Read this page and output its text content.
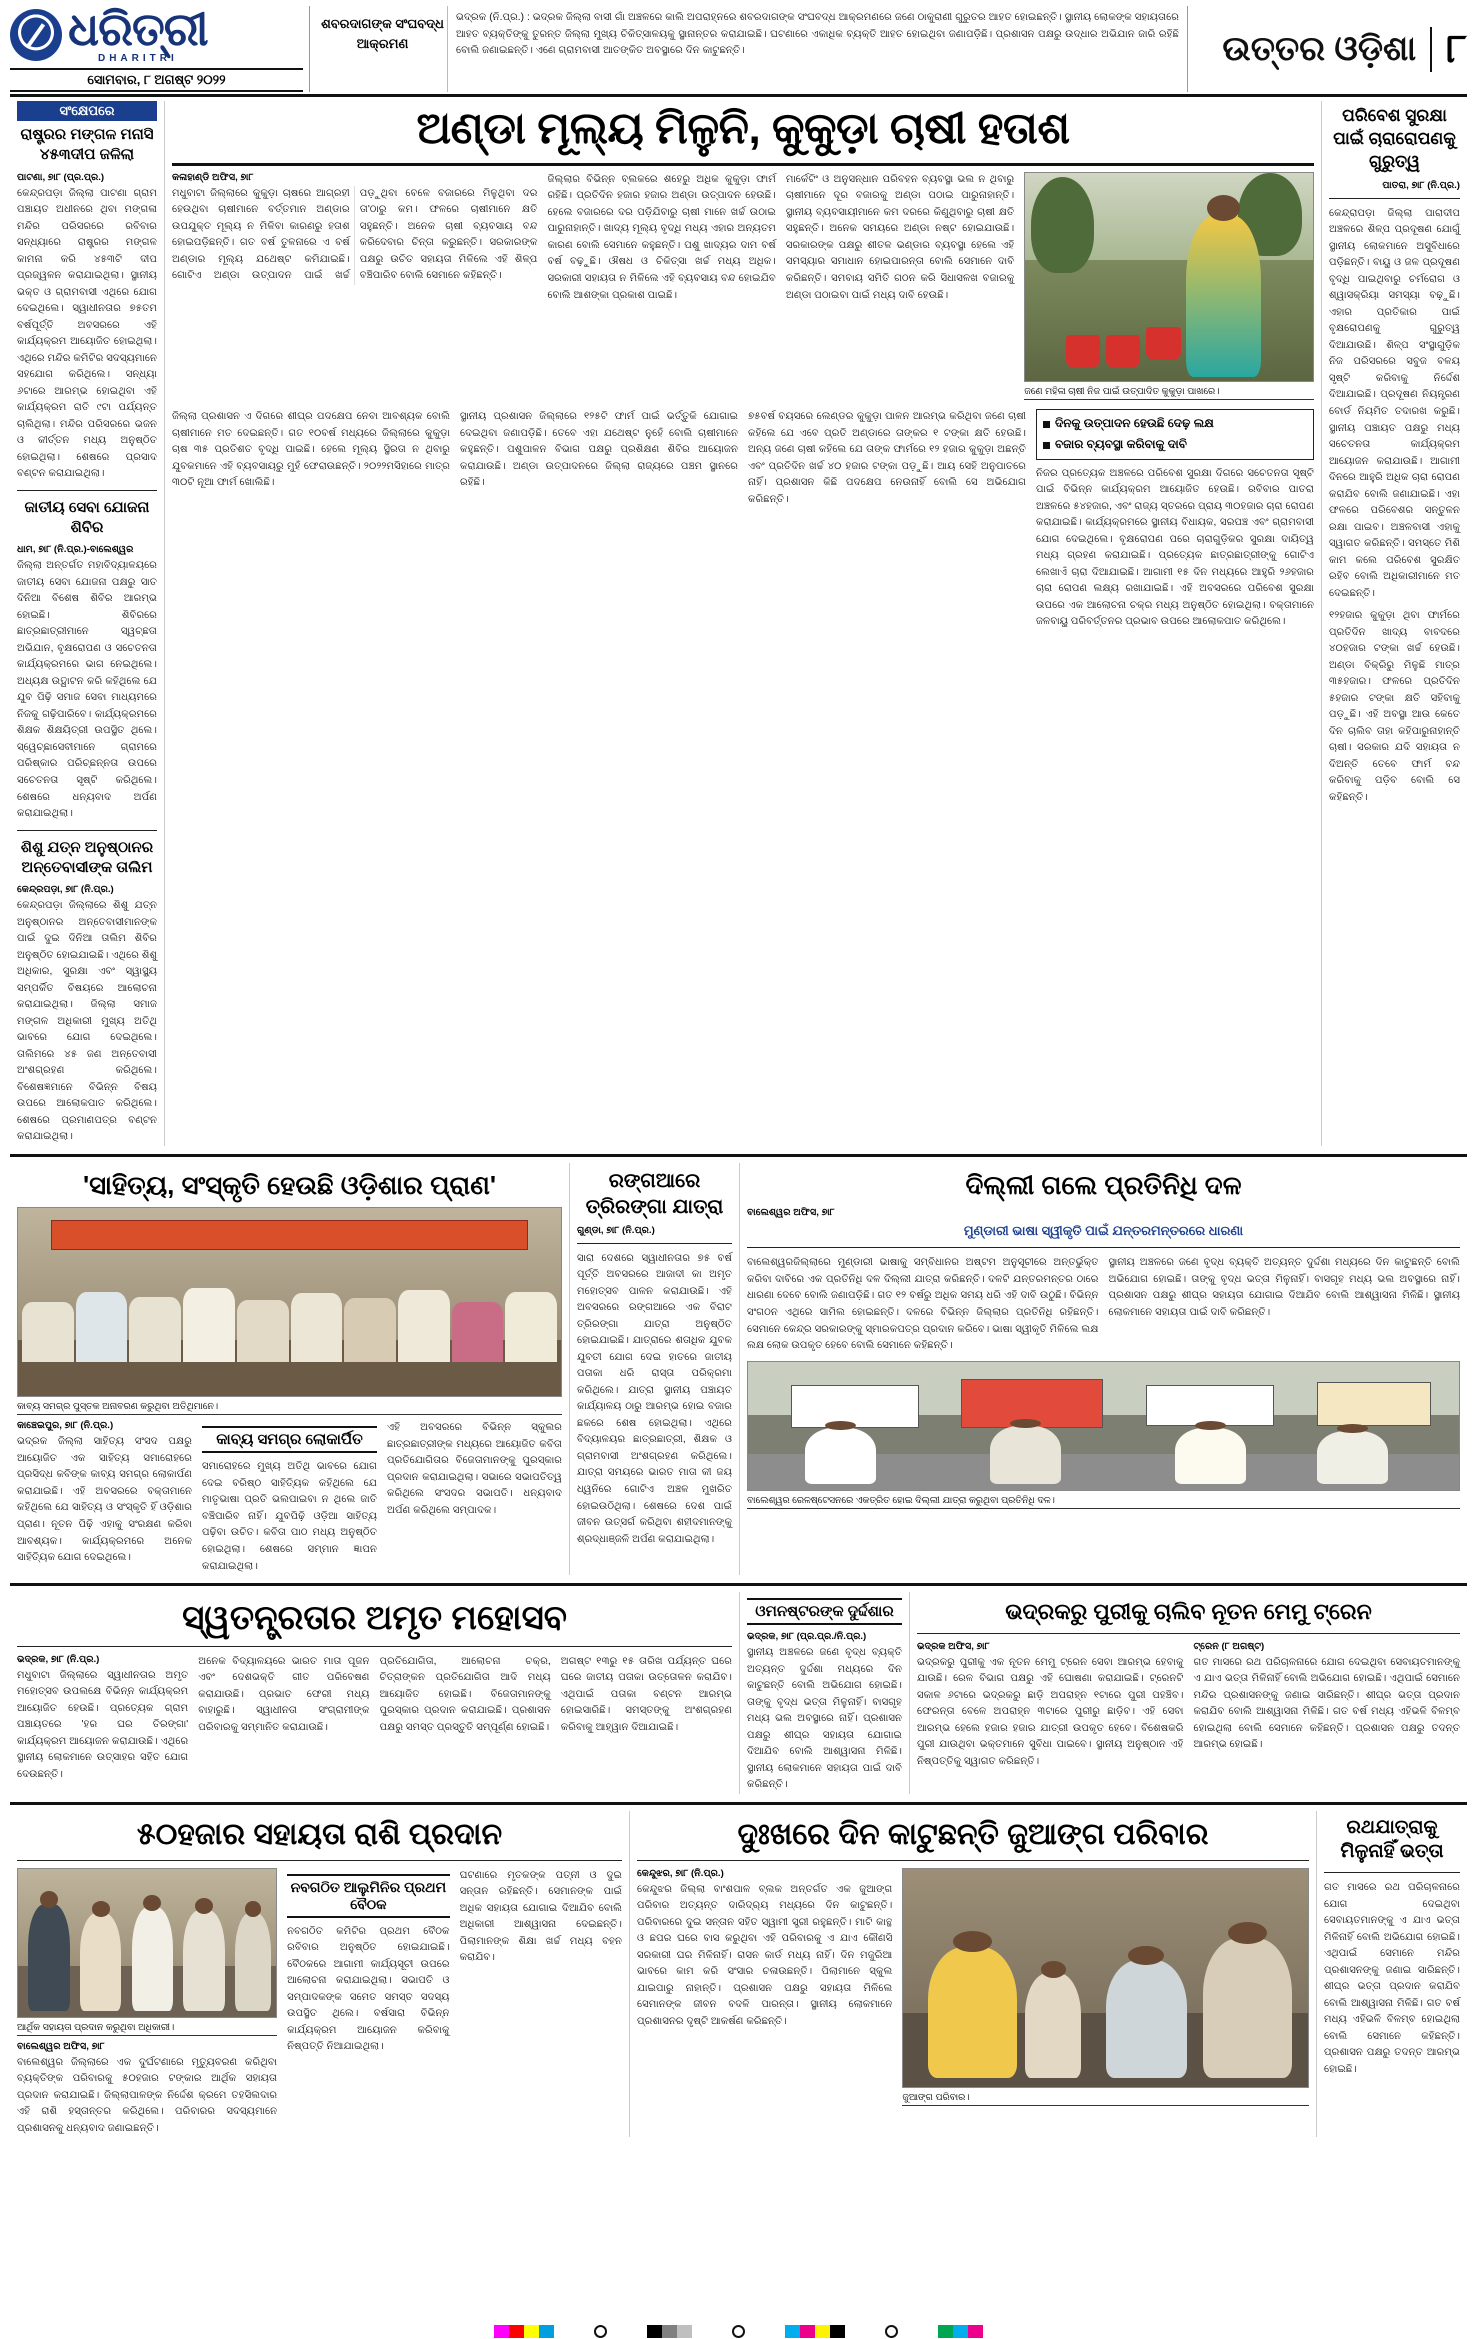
ଧରିତ୍ରୀ
DHARITRI
ସୋମବାର, ୮ ଅଗଷ୍ଟ ୨୦୨୨
ଶବରଦାଗଙ୍କ ସଂଘବଦ୍ଧ ଆକ୍ରମଣ
ଭଦ୍ରକ (ନି.ପ୍ର.) : ଭଦ୍ରକ ଜିଲ୍ଲା ବାସୀ ଗାଁ ଅଞ୍ଚଳରେ କାଲି ଅପରାହ୍ନରେ ଶବରଦାଗଙ୍କ ସଂଘବଦ୍ଧ ଆକ୍ରମଣରେ ଜଣେ ଠାକୁରାଣୀ ଗୁରୁତର ଆହତ ହୋଇଛନ୍ତି। ସ୍ଥାନୀୟ ଲୋକଙ୍କ ସହାୟତାରେ ଆହତ ବ୍ୟକ୍ତିଙ୍କୁ ତୁରନ୍ତ ଜିଲ୍ଲା ମୁଖ୍ୟ ଚିକିତ୍ସାଳୟକୁ ସ୍ଥାନାନ୍ତର କରାଯାଇଛି। ଘଟଣାରେ ଏକାଧିକ ବ୍ୟକ୍ତି ଆହତ ହୋଇଥିବା ଜଣାପଡ଼ିଛି। ପ୍ରଶାସନ ପକ୍ଷରୁ ଉଦ୍ଧାର ଅଭିଯାନ ଜାରି ରହିଛି ବୋଲି ଜଣାଇଛନ୍ତି। ଏଣେ ଗ୍ରାମବାସୀ ଆତଙ୍କିତ ଅବସ୍ଥାରେ ଦିନ କାଟୁଛନ୍ତି।	ଉତ୍ତର ଓଡ଼ିଶା ୮
ସଂକ୍ଷେପରେ
ରାଷ୍ଟ୍ରର ମଙ୍ଗଳ ମନାସି ୪୫୩ଦୀପ ଜଳିଲା
ପାଟଣା, ୭ା୮ (ପ୍ର.ପ୍ର.)
କେନ୍ଦ୍ରପଡ଼ା ଜିଲ୍ଲା ପାଟଣା ଗ୍ରାମ ପଞ୍ଚାୟତ ଅଧୀନରେ ଥିବା ମଙ୍ଗଳା ମନ୍ଦିର ପରିସରରେ ରବିବାର ସନ୍ଧ୍ୟାରେ ରାଷ୍ଟ୍ରର ମଙ୍ଗଳ କାମନା କରି ୪୫୩ଟି ଦୀପ ପ୍ରଜ୍ୱଳନ କରାଯାଇଥିଲା। ସ୍ଥାନୀୟ ଭକ୍ତ ଓ ଗ୍ରାମବାସୀ ଏଥିରେ ଯୋଗ ଦେଇଥିଲେ। ସ୍ୱାଧୀନତାର ୭୫ତମ ବର୍ଷପୂର୍ତ୍ତି ଅବସରରେ ଏହି କାର୍ଯ୍ୟକ୍ରମ ଆୟୋଜିତ ହୋଇଥିଲା। ଏଥିରେ ମନ୍ଦିର କମିଟିର ସଦସ୍ୟମାନେ ସହଯୋଗ କରିଥିଲେ। ସନ୍ଧ୍ୟା ୬ଟାରେ ଆରମ୍ଭ ହୋଇଥିବା ଏହି କାର୍ଯ୍ୟକ୍ରମ ରାତି ୯ଟା ପର୍ଯ୍ୟନ୍ତ ଚାଲିଥିଲା। ମନ୍ଦିର ପରିସରରେ ଭଜନ ଓ କୀର୍ତ୍ତନ ମଧ୍ୟ ଅନୁଷ୍ଠିତ ହୋଇଥିଲା। ଶେଷରେ ପ୍ରସାଦ ବଣ୍ଟନ କରାଯାଇଥିଲା।
ଜାତୀୟ ସେବା ଯୋଜନା ଶିବିର
ଧାମ, ୭ା୮ (ନି.ପ୍ର.)-ବାଲେଶ୍ୱର
ଜିଲ୍ଲା ଅନ୍ତର୍ଗତ ମହାବିଦ୍ୟାଳୟରେ ଜାତୀୟ ସେବା ଯୋଜନା ପକ୍ଷରୁ ସାତ ଦିନିଆ ବିଶେଷ ଶିବିର ଆରମ୍ଭ ହୋଇଛି। ଶିବିରରେ ଛାତ୍ରଛାତ୍ରୀମାନେ ସ୍ୱଚ୍ଛତା ଅଭିଯାନ, ବୃକ୍ଷରୋପଣ ଓ ସଚେତନତା କାର୍ଯ୍ୟକ୍ରମରେ ଭାଗ ନେଇଥିଲେ। ଅଧ୍ୟକ୍ଷ ଉଦ୍ଘାଟନ କରି କହିଥିଲେ ଯେ ଯୁବ ପିଢ଼ି ସମାଜ ସେବା ମାଧ୍ୟମରେ ନିଜକୁ ଗଢ଼ିପାରିବେ। କାର୍ଯ୍ୟକ୍ରମରେ ଶିକ୍ଷକ ଶିକ୍ଷୟିତ୍ରୀ ଉପସ୍ଥିତ ଥିଲେ। ସ୍ୱେଚ୍ଛାସେବୀମାନେ ଗ୍ରାମରେ ପରିଷ୍କାର ପରିଚ୍ଛନ୍ନତା ଉପରେ ସଚେତନତା ସୃଷ୍ଟି କରିଥିଲେ। ଶେଷରେ ଧନ୍ୟବାଦ ଅର୍ପଣ କରାଯାଇଥିଲା।
ଶିଶୁ ଯତ୍ନ ଅନୁଷ୍ଠାନର ଅନ୍ତେବାସୀଙ୍କ ତାଲିମ
କେନ୍ଦ୍ରପଡ଼ା, ୭ା୮ (ନି.ପ୍ର.)
କେନ୍ଦ୍ରପଡ଼ା ଜିଲ୍ଲାରେ ଶିଶୁ ଯତ୍ନ ଅନୁଷ୍ଠାନର ଅନ୍ତେବାସୀମାନଙ୍କ ପାଇଁ ଦୁଇ ଦିନିଆ ତାଲିମ ଶିବିର ଅନୁଷ୍ଠିତ ହୋଇଯାଇଛି। ଏଥିରେ ଶିଶୁ ଅଧିକାର, ସୁରକ୍ଷା ଏବଂ ସ୍ୱାସ୍ଥ୍ୟ ସମ୍ପର୍କିତ ବିଷୟରେ ଆଲୋଚନା କରାଯାଇଥିଲା। ଜିଲ୍ଲା ସମାଜ ମଙ୍ଗଳ ଅଧିକାରୀ ମୁଖ୍ୟ ଅତିଥି ଭାବରେ ଯୋଗ ଦେଇଥିଲେ। ତାଲିମରେ ୪୫ ଜଣ ଅନ୍ତେବାସୀ ଅଂଶଗ୍ରହଣ କରିଥିଲେ। ବିଶେଷଜ୍ଞମାନେ ବିଭିନ୍ନ ବିଷୟ ଉପରେ ଆଲୋକପାତ କରିଥିଲେ। ଶେଷରେ ପ୍ରମାଣପତ୍ର ବଣ୍ଟନ କରାଯାଇଥିଲା।
ଅଣ୍ଡା ମୂଲ୍ୟ ମିଳୁନି, କୁକୁଡ଼ା ଚାଷୀ ହତାଶ
କଳାହାଣ୍ଡି ଅଫିସ, ୭ା୮
ମଧୁବାଟା ଜିଲ୍ଲାରେ କୁକୁଡ଼ା ଚାଷରେ ଆଗ୍ରହୀ ହେଉଥିବା ଚାଷୀମାନେ ବର୍ତ୍ତମାନ ଅଣ୍ଡାର ଉପଯୁକ୍ତ ମୂଲ୍ୟ ନ ମିଳିବା କାରଣରୁ ହତାଶ ହୋଇପଡ଼ିଛନ୍ତି। ଗତ ବର୍ଷ ତୁଳନାରେ ଏ ବର୍ଷ ଅଣ୍ଡାର ମୂଲ୍ୟ ଯଥେଷ୍ଟ କମିଯାଇଛି। ଗୋଟିଏ ଅଣ୍ଡା ଉତ୍ପାଦନ ପାଇଁ ଖର୍ଚ୍ଚ ପଡ଼ୁଥିବା ବେଳେ ବଜାରରେ ମିଳୁଥିବା ଦର ତା'ଠାରୁ କମ। ଫଳରେ ଚାଷୀମାନେ କ୍ଷତି ସହୁଛନ୍ତି। ଅନେକ ଚାଷୀ ବ୍ୟବସାୟ ବନ୍ଦ କରିଦେବାର ଚିନ୍ତା କରୁଛନ୍ତି। ସରକାରଙ୍କ ପକ୍ଷରୁ ଉଚିତ ସହାୟତା ମିଳିଲେ ଏହି ଶିଳ୍ପ ବଞ୍ଚିପାରିବ ବୋଲି ସେମାନେ କହିଛନ୍ତି।
ଜିଲ୍ଲାର ବିଭିନ୍ନ ବ୍ଲକରେ ଶହେରୁ ଅଧିକ କୁକୁଡ଼ା ଫାର୍ମ ରହିଛି। ପ୍ରତିଦିନ ହଜାର ହଜାର ଅଣ୍ଡା ଉତ୍ପାଦନ ହେଉଛି। ହେଲେ ବଜାରରେ ଦର ପଡ଼ିଯିବାରୁ ଚାଷୀ ମାନେ ଖର୍ଚ୍ଚ ଉଠାଇ ପାରୁନାହାନ୍ତି। ଖାଦ୍ୟ ମୂଲ୍ୟ ବୃଦ୍ଧି ମଧ୍ୟ ଏହାର ଅନ୍ୟତମ କାରଣ ବୋଲି ସେମାନେ କହୁଛନ୍ତି। ପଶୁ ଖାଦ୍ୟର ଦାମ ବର୍ଷ ବର୍ଷ ବଢ଼ୁଛି। ଔଷଧ ଓ ଚିକିତ୍ସା ଖର୍ଚ୍ଚ ମଧ୍ୟ ଅଧିକ। ସରକାରୀ ସହାୟତା ନ ମିଳିଲେ ଏହି ବ୍ୟବସାୟ ବନ୍ଦ ହୋଇଯିବ ବୋଲି ଆଶଙ୍କା ପ୍ରକାଶ ପାଇଛି।
ମାର୍କେଟିଂ ଓ ଅନୁସନ୍ଧାନ ପରିବହନ ବ୍ୟବସ୍ଥା ଭଲ ନ ଥିବାରୁ ଚାଷୀମାନେ ଦୂର ବଜାରକୁ ଅଣ୍ଡା ପଠାଇ ପାରୁନାହାନ୍ତି। ସ୍ଥାନୀୟ ବ୍ୟବସାୟୀମାନେ କମ ଦରରେ କିଣୁଥିବାରୁ ଚାଷୀ କ୍ଷତି ସହୁଛନ୍ତି। ଅନେକ ସମୟରେ ଅଣ୍ଡା ନଷ୍ଟ ହୋଇଯାଉଛି। ସରକାରଙ୍କ ପକ୍ଷରୁ ଶୀତଳ ଭଣ୍ଡାର ବ୍ୟବସ୍ଥା ହେଲେ ଏହି ସମସ୍ୟାର ସମାଧାନ ହୋଇପାରନ୍ତା ବୋଲି ସେମାନେ ଦାବି କରିଛନ୍ତି। ସମବାୟ ସମିତି ଗଠନ କରି ସିଧାସଳଖ ବଜାରକୁ ଅଣ୍ଡା ପଠାଇବା ପାଇଁ ମଧ୍ୟ ଦାବି ହେଉଛି।
ଜଣେ ମହିଳା ଚାଷୀ ନିଜ ପାଇଁ ଉତ୍ପାଦିତ କୁକୁଡ଼ା ପାଖରେ।
ଜିଲ୍ଲା ପ୍ରଶାସନ ଏ ଦିଗରେ ଶୀଘ୍ର ପଦକ୍ଷେପ ନେବା ଆବଶ୍ୟକ ବୋଲି ଚାଷୀମାନେ ମତ ଦେଇଛନ୍ତି। ଗତ ୧୦ବର୍ଷ ମଧ୍ୟରେ ଜିଲ୍ଲାରେ କୁକୁଡ଼ା ଚାଷ ୩୫ ପ୍ରତିଶତ ବୃଦ୍ଧି ପାଇଛି। ହେଲେ ମୂଲ୍ୟ ସ୍ଥିରତା ନ ଥିବାରୁ ଯୁବକମାନେ ଏହି ବ୍ୟବସାୟରୁ ମୁହଁ ଫେରାଉଛନ୍ତି। ୨୦୨୨ମସିହାରେ ମାତ୍ର ୩୦ଟି ନୂଆ ଫାର୍ମ ଖୋଲିଛି।
ସ୍ଥାନୀୟ ପ୍ରଶାସନ ଜିଲ୍ଲାରେ ୧୨୫ଟି ଫାର୍ମ ପାଇଁ ଭର୍ତ୍ତୁକି ଯୋଗାଇ ଦେଇଥିବା ଜଣାପଡ଼ିଛି। ତେବେ ଏହା ଯଥେଷ୍ଟ ନୁହେଁ ବୋଲି ଚାଷୀମାନେ କହୁଛନ୍ତି। ପଶୁପାଳନ ବିଭାଗ ପକ୍ଷରୁ ପ୍ରଶିକ୍ଷଣ ଶିବିର ଆୟୋଜନ କରାଯାଉଛି। ଅଣ୍ଡା ଉତ୍ପାଦନରେ ଜିଲ୍ଲା ରାଜ୍ୟରେ ପଞ୍ଚମ ସ୍ଥାନରେ ରହିଛି।
୭୫ବର୍ଷ ବୟସରେ ଲେଣ୍ଡର କୁକୁଡ଼ା ପାଳନ ଆରମ୍ଭ କରିଥିବା ଜଣେ ଚାଷୀ କହିଲେ ଯେ ଏବେ ପ୍ରତି ଅଣ୍ଡାରେ ତାଙ୍କର ୧ ଟଙ୍କା କ୍ଷତି ହେଉଛି। ଅନ୍ୟ ଜଣେ ଚାଷୀ କହିଲେ ଯେ ତାଙ୍କ ଫାର୍ମରେ ୧୨ ହଜାର କୁକୁଡ଼ା ଅଛନ୍ତି ଏବଂ ପ୍ରତିଦିନ ଖର୍ଚ୍ଚ ୪୦ ହଜାର ଟଙ୍କା ପଡ଼ୁଛି। ଆୟ ସେହି ଅନୁପାତରେ ନାହିଁ। ପ୍ରଶାସନ କିଛି ପଦକ୍ଷେପ ନେଉନାହିଁ ବୋଲି ସେ ଅଭିଯୋଗ କରିଛନ୍ତି।
ଦିନକୁ ଉତ୍ପାଦନ ହେଉଛି ଦେଢ଼ ଲକ୍ଷ
ବଜାର ବ୍ୟବସ୍ଥା କରିବାକୁ ଦାବି
ନିଜର ପ୍ରତ୍ୟେକ ଅଞ୍ଚଳରେ ପରିବେଶ ସୁରକ୍ଷା ଦିଗରେ ସଚେତନତା ସୃଷ୍ଟି ପାଇଁ ବିଭିନ୍ନ କାର୍ଯ୍ୟକ୍ରମ ଆୟୋଜିତ ହେଉଛି। ରବିବାର ପାତରା ଅଞ୍ଚଳରେ ୫୪ହଜାର, ଏବଂ ରାଜ୍ୟ ସ୍ତରରେ ପ୍ରାୟ ୩୦ହଜାର ଚାରା ରୋପଣ କରାଯାଇଛି। କାର୍ଯ୍ୟକ୍ରମରେ ସ୍ଥାନୀୟ ବିଧାୟକ, ସରପଞ୍ଚ ଏବଂ ଗ୍ରାମବାସୀ ଯୋଗ ଦେଇଥିଲେ। ବୃକ୍ଷରୋପଣ ପରେ ଚାରାଗୁଡ଼ିକର ସୁରକ୍ଷା ଦାୟିତ୍ୱ ମଧ୍ୟ ଗ୍ରହଣ କରାଯାଇଛି। ପ୍ରତ୍ୟେକ ଛାତ୍ରଛାତ୍ରୀଙ୍କୁ ଗୋଟିଏ ଲେଖାଏଁ ଚାରା ଦିଆଯାଇଛି। ଆଗାମୀ ୧୫ ଦିନ ମଧ୍ୟରେ ଆହୁରି ୨୬ହଜାର ଚାରା ରୋପଣ ଲକ୍ଷ୍ୟ ରଖାଯାଇଛି। ଏହି ଅବସରରେ ପରିବେଶ ସୁରକ୍ଷା ଉପରେ ଏକ ଆଲୋଚନା ଚକ୍ର ମଧ୍ୟ ଅନୁଷ୍ଠିତ ହୋଇଥିଲା। ବକ୍ତାମାନେ ଜଳବାୟୁ ପରିବର୍ତ୍ତନର ପ୍ରଭାବ ଉପରେ ଆଲୋକପାତ କରିଥିଲେ।
ପରିବେଶ ସୁରକ୍ଷା ପାଇଁ ଚାରାରୋପଣକୁ ଗୁରୁତ୍ୱ
ପାତରା, ୭ା୮ (ନି.ପ୍ର.)
କେନ୍ଦ୍ରାପଡ଼ା ଜିଲ୍ଲା ପାରାଦୀପ ଅଞ୍ଚଳରେ ଶିଳ୍ପ ପ୍ରଦୂଷଣ ଯୋଗୁଁ ସ୍ଥାନୀୟ ଲୋକମାନେ ଅସୁବିଧାରେ ପଡ଼ିଛନ୍ତି। ବାୟୁ ଓ ଜଳ ପ୍ରଦୂଷଣ ବୃଦ୍ଧି ପାଇଥିବାରୁ ଚର୍ମରୋଗ ଓ ଶ୍ୱାସକ୍ରିୟା ସମସ୍ୟା ବଢ଼ୁଛି। ଏହାର ପ୍ରତିକାର ପାଇଁ ବୃକ୍ଷରୋପଣକୁ ଗୁରୁତ୍ୱ ଦିଆଯାଉଛି। ଶିଳ୍ପ ସଂସ୍ଥାଗୁଡ଼ିକ ନିଜ ପରିସରରେ ସବୁଜ ବଳୟ ସୃଷ୍ଟି କରିବାକୁ ନିର୍ଦ୍ଦେଶ ଦିଆଯାଇଛି। ପ୍ରଦୂଷଣ ନିୟନ୍ତ୍ରଣ ବୋର୍ଡ ନିୟମିତ ତଦାରଖ କରୁଛି। ସ୍ଥାନୀୟ ପଞ୍ଚାୟତ ପକ୍ଷରୁ ମଧ୍ୟ ସଚେତନତା କାର୍ଯ୍ୟକ୍ରମ ଆୟୋଜନ କରାଯାଉଛି। ଆଗାମୀ ଦିନରେ ଆହୁରି ଅଧିକ ଚାରା ରୋପଣ କରାଯିବ ବୋଲି ଜଣାଯାଇଛି। ଏହା ଫଳରେ ପରିବେଶର ସନ୍ତୁଳନ ରକ୍ଷା ପାଇବ। ଅଞ୍ଚଳବାସୀ ଏହାକୁ ସ୍ୱାଗତ କରିଛନ୍ତି। ସମସ୍ତେ ମିଶି କାମ କଲେ ପରିବେଶ ସୁରକ୍ଷିତ ରହିବ ବୋଲି ଅଧିକାରୀମାନେ ମତ ଦେଇଛନ୍ତି।
୧୨ହଜାର କୁକୁଡ଼ା ଥିବା ଫାର୍ମରେ ପ୍ରତିଦିନ ଖାଦ୍ୟ ବାବଦରେ ୪୦ହଜାର ଟଙ୍କା ଖର୍ଚ୍ଚ ହେଉଛି। ଅଣ୍ଡା ବିକ୍ରିରୁ ମିଳୁଛି ମାତ୍ର ୩୫ହଜାର। ଫଳରେ ପ୍ରତିଦିନ ୫ହଜାର ଟଙ୍କା କ୍ଷତି ସହିବାକୁ ପଡ଼ୁଛି। ଏହି ଅବସ୍ଥା ଆଉ କେତେ ଦିନ ଚାଲିବ ତାହା କହିପାରୁନାହାନ୍ତି ଚାଷୀ। ସରକାର ଯଦି ସହାୟତା ନ ଦିଅନ୍ତି ତେବେ ଫାର୍ମ ବନ୍ଦ କରିବାକୁ ପଡ଼ିବ ବୋଲି ସେ କହିଛନ୍ତି।
'ସାହିତ୍ୟ, ସଂସ୍କୃତି ହେଉଛି ଓଡ଼ିଶାର ପ୍ରାଣ'
କାବ୍ୟ ସମଗ୍ର ପୁସ୍ତକ ଅନାବରଣ କରୁଥିବା ଅତିଥିମାନେ।
କାଞ୍ଚେଇପୁର, ୭ା୮ (ନି.ପ୍ର.)
ଭଦ୍ରକ ଜିଲ୍ଲା ସାହିତ୍ୟ ସଂସଦ ପକ୍ଷରୁ ଆୟୋଜିତ ଏକ ସାହିତ୍ୟ ସମାରୋହରେ ପ୍ରସିଦ୍ଧ କବିଙ୍କ କାବ୍ୟ ସମଗ୍ର ଲୋକାର୍ପଣ କରାଯାଇଛି। ଏହି ଅବସରରେ ବକ୍ତାମାନେ କହିଥିଲେ ଯେ ସାହିତ୍ୟ ଓ ସଂସ୍କୃତି ହିଁ ଓଡ଼ିଶାର ପ୍ରାଣ। ନୂତନ ପିଢ଼ି ଏହାକୁ ସଂରକ୍ଷଣ କରିବା ଆବଶ୍ୟକ। କାର୍ଯ୍ୟକ୍ରମରେ ଅନେକ ସାହିତ୍ୟିକ ଯୋଗ ଦେଇଥିଲେ।
କାବ୍ୟ ସମଗ୍ର ଲୋକାର୍ପିତ
ସମାରୋହରେ ମୁଖ୍ୟ ଅତିଥି ଭାବରେ ଯୋଗ ଦେଇ ବରିଷ୍ଠ ସାହିତ୍ୟିକ କହିଥିଲେ ଯେ ମାତୃଭାଷା ପ୍ରତି ଭଲପାଇବା ନ ଥିଲେ ଜାତି ବଞ୍ଚିପାରିବ ନାହିଁ। ଯୁବପିଢ଼ି ଓଡ଼ିଆ ସାହିତ୍ୟ ପଢ଼ିବା ଉଚିତ। କବିତା ପାଠ ମଧ୍ୟ ଅନୁଷ୍ଠିତ ହୋଇଥିଲା। ଶେଷରେ ସମ୍ମାନ ଜ୍ଞାପନ କରାଯାଇଥିଲା।
ଏହି ଅବସରରେ ବିଭିନ୍ନ ସ୍କୁଲର ଛାତ୍ରଛାତ୍ରୀଙ୍କ ମଧ୍ୟରେ ଆୟୋଜିତ କବିତା ପ୍ରତିଯୋଗିତାର ବିଜେତାମାନଙ୍କୁ ପୁରସ୍କାର ପ୍ରଦାନ କରାଯାଇଥିଲା। ସଭାରେ ସଭାପତିତ୍ୱ କରିଥିଲେ ସଂସଦର ସଭାପତି। ଧନ୍ୟବାଦ ଅର୍ପଣ କରିଥିଲେ ସମ୍ପାଦକ।
ରଙ୍ଗଆରେ ତ୍ରିରଙ୍ଗା ଯାତ୍ରା
ଗୁଣ୍ଡା, ୭ା୮ (ନି.ପ୍ର.)
ସାରା ଦେଶରେ ସ୍ୱାଧୀନତାର ୭୫ ବର୍ଷ ପୂର୍ତ୍ତି ଅବସରରେ ଆଜାଦୀ କା ଅମୃତ ମହୋତ୍ସବ ପାଳନ କରାଯାଉଛି। ଏହି ଅବସରରେ ରଙ୍ଗଆରେ ଏକ ବିରାଟ ତ୍ରିରଙ୍ଗା ଯାତ୍ରା ଅନୁଷ୍ଠିତ ହୋଇଯାଇଛି। ଯାତ୍ରାରେ ଶତାଧିକ ଯୁବକ ଯୁବତୀ ଯୋଗ ଦେଇ ହାତରେ ଜାତୀୟ ପତାକା ଧରି ରାସ୍ତା ପରିକ୍ରମା କରିଥିଲେ। ଯାତ୍ରା ସ୍ଥାନୀୟ ପଞ୍ଚାୟତ କାର୍ଯ୍ୟାଳୟ ଠାରୁ ଆରମ୍ଭ ହୋଇ ବଜାର ଛକରେ ଶେଷ ହୋଇଥିଲା। ଏଥିରେ ବିଦ୍ୟାଳୟର ଛାତ୍ରଛାତ୍ରୀ, ଶିକ୍ଷକ ଓ ଗ୍ରାମବାସୀ ଅଂଶଗ୍ରହଣ କରିଥିଲେ। ଯାତ୍ରା ସମୟରେ ଭାରତ ମାତା କୀ ଜୟ ଧ୍ୱନିରେ ଗୋଟିଏ ଅଞ୍ଚଳ ମୁଖରିତ ହୋଇଉଠିଥିଲା। ଶେଷରେ ଦେଶ ପାଇଁ ଜୀବନ ଉତ୍ସର୍ଗ କରିଥିବା ଶହୀଦମାନଙ୍କୁ ଶ୍ରଦ୍ଧାଞ୍ଜଳି ଅର୍ପଣ କରାଯାଇଥିଲା।
ଦିଲ୍ଲୀ ଗଲେ ପ୍ରତିନିଧି ଦଳ
ବାଲେଶ୍ୱର ଅଫିସ, ୭ା୮
ମୁଣ୍ଡାରୀ ଭାଷା ସ୍ୱୀକୃତି ପାଇଁ ଯନ୍ତରମନ୍ତରରେ ଧାରଣା
ବାଲେଶ୍ୱରଜିଲ୍ଲାରେ ମୁଣ୍ଡାରୀ ଭାଷାକୁ ସମ୍ବିଧାନର ଅଷ୍ଟମ ଅନୁସୂଚୀରେ ଅନ୍ତର୍ଭୁକ୍ତ କରିବା ଦାବିରେ ଏକ ପ୍ରତିନିଧି ଦଳ ଦିଲ୍ଲୀ ଯାତ୍ରା କରିଛନ୍ତି। ଦଳଟି ଯନ୍ତରମନ୍ତର ଠାରେ ଧାରଣା ଦେବେ ବୋଲି ଜଣାପଡ଼ିଛି। ଗତ ୧୨ ବର୍ଷରୁ ଅଧିକ ସମୟ ଧରି ଏହି ଦାବି ଉଠୁଛି। ବିଭିନ୍ନ ସଂଗଠନ ଏଥିରେ ସାମିଲ ହୋଇଛନ୍ତି। ଦଳରେ ବିଭିନ୍ନ ଜିଲ୍ଲାର ପ୍ରତିନିଧି ରହିଛନ୍ତି। ସେମାନେ କେନ୍ଦ୍ର ସରକାରଙ୍କୁ ସ୍ମାରକପତ୍ର ପ୍ରଦାନ କରିବେ। ଭାଷା ସ୍ୱୀକୃତି ମିଳିଲେ ଲକ୍ଷ ଲକ୍ଷ ଲୋକ ଉପକୃତ ହେବେ ବୋଲି ସେମାନେ କହିଛନ୍ତି।
ସ୍ଥାନୀୟ ଅଞ୍ଚଳରେ ଜଣେ ବୃଦ୍ଧ ବ୍ୟକ୍ତି ଅତ୍ୟନ୍ତ ଦୁର୍ଦ୍ଦଶା ମଧ୍ୟରେ ଦିନ କାଟୁଛନ୍ତି ବୋଲି ଅଭିଯୋଗ ହୋଇଛି। ତାଙ୍କୁ ବୃଦ୍ଧ ଭତ୍ତା ମିଳୁନାହିଁ। ବାସଗୃହ ମଧ୍ୟ ଭଲ ଅବସ୍ଥାରେ ନାହିଁ। ପ୍ରଶାସନ ପକ୍ଷରୁ ଶୀଘ୍ର ସହାୟତା ଯୋଗାଇ ଦିଆଯିବ ବୋଲି ଆଶ୍ୱାସନା ମିଳିଛି। ସ୍ଥାନୀୟ ଲୋକମାନେ ସହାୟତା ପାଇଁ ଦାବି କରିଛନ୍ତି।
ବାଲେଶ୍ୱର ରେଳଷ୍ଟେସନରେ ଏକତ୍ରିତ ହୋଇ ଦିଲ୍ଲୀ ଯାତ୍ରା କରୁଥିବା ପ୍ରତିନିଧି ଦଳ।
ସ୍ୱତନ୍ତ୍ରତାର ଅମୃତ ମହୋସବ
ଭଦ୍ରକ, ୭ା୮ (ନି.ପ୍ର.)
ମଧୁବାଟା ଜିଲ୍ଲାରେ ସ୍ୱାଧୀନତାର ଅମୃତ ମହୋତ୍ସବ ଉପଲକ୍ଷେ ବିଭିନ୍ନ କାର୍ଯ୍ୟକ୍ରମ ଆୟୋଜିତ ହେଉଛି। ପ୍ରତ୍ୟେକ ଗ୍ରାମ ପଞ୍ଚାୟତରେ 'ହର ଘର ତିରଙ୍ଗା' କାର୍ଯ୍ୟକ୍ରମ ଆୟୋଜନ କରାଯାଉଛି। ଏଥିରେ ସ୍ଥାନୀୟ ଲୋକମାନେ ଉତ୍ସାହର ସହିତ ଯୋଗ ଦେଉଛନ୍ତି।
ଅନେକ ବିଦ୍ୟାଳୟରେ ଭାରତ ମାତା ପୂଜନ ଏବଂ ଦେଶଭକ୍ତି ଗୀତ ପରିବେଷଣ କରାଯାଉଛି। ପ୍ରଭାତ ଫେରୀ ମଧ୍ୟ ବାହାରୁଛି। ସ୍ୱାଧୀନତା ସଂଗ୍ରାମୀଙ୍କ ପରିବାରକୁ ସମ୍ମାନିତ କରାଯାଉଛି।
ପ୍ରତିଯୋଗିତା, ଆଲୋଚନା ଚକ୍ର, ଚିତ୍ରାଙ୍କନ ପ୍ରତିଯୋଗିତା ଆଦି ମଧ୍ୟ ଆୟୋଜିତ ହୋଇଛି। ବିଜେତାମାନଙ୍କୁ ପୁରସ୍କାର ପ୍ରଦାନ କରାଯାଇଛି। ପ୍ରଶାସନ ପକ୍ଷରୁ ସମସ୍ତ ପ୍ରସ୍ତୁତି ସମ୍ପୂର୍ଣ୍ଣ ହୋଇଛି।
ଅଗଷ୍ଟ ୧୩ରୁ ୧୫ ତାରିଖ ପର୍ଯ୍ୟନ୍ତ ଘରେ ଘରେ ଜାତୀୟ ପତାକା ଉତ୍ତୋଳନ କରାଯିବ। ଏଥିପାଇଁ ପତାକା ବଣ୍ଟନ ଆରମ୍ଭ ହୋଇସାରିଛି। ସମସ୍ତଙ୍କୁ ଅଂଶଗ୍ରହଣ କରିବାକୁ ଆହ୍ୱାନ ଦିଆଯାଇଛି।
ଓମନଷ୍ଟରଙ୍କ ଦୁର୍ଦ୍ଦଶାର
ଭଦ୍ରକ, ୭ା୮ (ପ୍ର.ପ୍ର./ନି.ପ୍ର.)
ସ୍ଥାନୀୟ ଅଞ୍ଚଳରେ ଜଣେ ବୃଦ୍ଧ ବ୍ୟକ୍ତି ଅତ୍ୟନ୍ତ ଦୁର୍ଦ୍ଦଶା ମଧ୍ୟରେ ଦିନ କାଟୁଛନ୍ତି ବୋଲି ଅଭିଯୋଗ ହୋଇଛି। ତାଙ୍କୁ ବୃଦ୍ଧ ଭତ୍ତା ମିଳୁନାହିଁ। ବାସଗୃହ ମଧ୍ୟ ଭଲ ଅବସ୍ଥାରେ ନାହିଁ। ପ୍ରଶାସନ ପକ୍ଷରୁ ଶୀଘ୍ର ସହାୟତା ଯୋଗାଇ ଦିଆଯିବ ବୋଲି ଆଶ୍ୱାସନା ମିଳିଛି। ସ୍ଥାନୀୟ ଲୋକମାନେ ସହାୟତା ପାଇଁ ଦାବି କରିଛନ୍ତି।
ଭଦ୍ରକରୁ ପୁରୀକୁ ଚାଲିବ ନୂତନ ମେମୁ ଟ୍ରେନ
ଭଦ୍ରକ ଅଫିସ, ୭ା୮
ଭଦ୍ରକରୁ ପୁରୀକୁ ଏକ ନୂତନ ମେମୁ ଟ୍ରେନ ସେବା ଆରମ୍ଭ ହେବାକୁ ଯାଉଛି। ରେଳ ବିଭାଗ ପକ୍ଷରୁ ଏହି ଘୋଷଣା କରାଯାଇଛି। ଟ୍ରେନଟି ସକାଳ ୬ଟାରେ ଭଦ୍ରକରୁ ଛାଡ଼ି ଅପରାହ୍ନ ୧ଟାରେ ପୁରୀ ପହଞ୍ଚିବ। ଫେରନ୍ତା ବେଳେ ଅପରାହ୍ନ ୩ଟାରେ ପୁରୀରୁ ଛାଡ଼ିବ। ଏହି ସେବା ଆରମ୍ଭ ହେଲେ ହଜାର ହଜାର ଯାତ୍ରୀ ଉପକୃତ ହେବେ। ବିଶେଷକରି ପୁରୀ ଯାଉଥିବା ଭକ୍ତମାନେ ସୁବିଧା ପାଇବେ। ସ୍ଥାନୀୟ ଅନୁଷ୍ଠାନ ଏହି ନିଷ୍ପତ୍ତିକୁ ସ୍ୱାଗତ କରିଛନ୍ତି।
ଟ୍ରେନ (୮ ଅଗଷ୍ଟ)
ଗତ ମାସରେ ରଥ ପରିଚାଳନାରେ ଯୋଗ ଦେଇଥିବା ସେବାୟତମାନଙ୍କୁ ଏ ଯାଏ ଭତ୍ତା ମିଳିନାହିଁ ବୋଲି ଅଭିଯୋଗ ହୋଇଛି। ଏଥିପାଇଁ ସେମାନେ ମନ୍ଦିର ପ୍ରଶାସନଙ୍କୁ ଜଣାଇ ସାରିଛନ୍ତି। ଶୀଘ୍ର ଭତ୍ତା ପ୍ରଦାନ କରାଯିବ ବୋଲି ଆଶ୍ୱାସନା ମିଳିଛି। ଗତ ବର୍ଷ ମଧ୍ୟ ଏହିଭଳି ବିଳମ୍ବ ହୋଇଥିଲା ବୋଲି ସେମାନେ କହିଛନ୍ତି। ପ୍ରଶାସନ ପକ୍ଷରୁ ତଦନ୍ତ ଆରମ୍ଭ ହୋଇଛି।
୫୦ହଜାର ସହାୟତା ରାଶି ପ୍ରଦାନ
ଆର୍ଥିକ ସହାୟତା ପ୍ରଦାନ କରୁଥିବା ଅଧିକାରୀ।
ବାଲେଶ୍ୱର ଅଫିସ, ୭ା୮
ବାଲେଶ୍ୱର ଜିଲ୍ଲାରେ ଏକ ଦୁର୍ଘଟଣାରେ ମୃତ୍ୟୁବରଣ କରିଥିବା ବ୍ୟକ୍ତିଙ୍କ ପରିବାରକୁ ୫୦ହଜାର ଟଙ୍କାର ଆର୍ଥିକ ସହାୟତା ପ୍ରଦାନ କରାଯାଇଛି। ଜିଲ୍ଲାପାଳଙ୍କ ନିର୍ଦ୍ଦେଶ କ୍ରମେ ତହସିଲଦାର ଏହି ରାଶି ହସ୍ତାନ୍ତର କରିଥିଲେ। ପରିବାରର ସଦସ୍ୟମାନେ ପ୍ରଶାସନକୁ ଧନ୍ୟବାଦ ଜଣାଇଛନ୍ତି।
ନବଗଠିତ ଆଲୁମିନିର ପ୍ରଥମ ବୈଠକ
ନବଗଠିତ କମିଟିର ପ୍ରଥମ ବୈଠକ ରବିବାର ଅନୁଷ୍ଠିତ ହୋଇଯାଇଛି। ବୈଠକରେ ଆଗାମୀ କାର୍ଯ୍ୟସୂଚୀ ଉପରେ ଆଲୋଚନା କରାଯାଇଥିଲା। ସଭାପତି ଓ ସମ୍ପାଦକଙ୍କ ସମେତ ସମସ୍ତ ସଦସ୍ୟ ଉପସ୍ଥିତ ଥିଲେ। ବର୍ଷସାରା ବିଭିନ୍ନ କାର୍ଯ୍ୟକ୍ରମ ଆୟୋଜନ କରିବାକୁ ନିଷ୍ପତ୍ତି ନିଆଯାଇଥିଲା।
ଘଟଣାରେ ମୃତକଙ୍କ ପତ୍ନୀ ଓ ଦୁଇ ସନ୍ତାନ ରହିଛନ୍ତି। ସେମାନଙ୍କ ପାଇଁ ଅଧିକ ସହାୟତା ଯୋଗାଇ ଦିଆଯିବ ବୋଲି ଅଧିକାରୀ ଆଶ୍ୱାସନା ଦେଇଛନ୍ତି। ପିଲାମାନଙ୍କ ଶିକ୍ଷା ଖର୍ଚ୍ଚ ମଧ୍ୟ ବହନ କରାଯିବ।
ଦୁଃଖରେ ଦିନ କାଟୁଛନ୍ତି ଜୁଆଙ୍ଗ ପରିବାର
କେନ୍ଦୁଝର, ୭ା୮ (ନି.ପ୍ର.)
କେନ୍ଦୁଝର ଜିଲ୍ଲା ବାଂଶପାଳ ବ୍ଲକ ଅନ୍ତର୍ଗତ ଏକ ଜୁଆଙ୍ଗ ପରିବାର ଅତ୍ୟନ୍ତ ଦାରିଦ୍ର୍ୟ ମଧ୍ୟରେ ଦିନ କାଟୁଛନ୍ତି। ପରିବାରରେ ଦୁଇ ସନ୍ତାନ ସହିତ ସ୍ୱାମୀ ସ୍ତ୍ରୀ ରହୁଛନ୍ତି। ମାଟି କାନ୍ଥ ଓ ଛପର ଘରେ ବାସ କରୁଥିବା ଏହି ପରିବାରକୁ ଏ ଯାଏ କୌଣସି ସରକାରୀ ଘର ମିଳିନାହିଁ। ରାସନ କାର୍ଡ ମଧ୍ୟ ନାହିଁ। ଦିନ ମଜୁରିଆ ଭାବରେ କାମ କରି ସଂସାର ଚଳାଉଛନ୍ତି। ପିଲାମାନେ ସ୍କୁଲ ଯାଇପାରୁ ନାହାନ୍ତି। ପ୍ରଶାସନ ପକ୍ଷରୁ ସହାୟତା ମିଳିଲେ ସେମାନଙ୍କ ଜୀବନ ବଦଳି ପାରନ୍ତା। ସ୍ଥାନୀୟ ଲୋକମାନେ ପ୍ରଶାସନର ଦୃଷ୍ଟି ଆକର୍ଷଣ କରିଛନ୍ତି।
ଜୁଆଙ୍ଗ ପରିବାର।
ରଥଯାତ୍ରାକୁ ମିଳୁନାହିଁ ଭତ୍ତା
ଗତ ମାସରେ ରଥ ପରିଚାଳନାରେ ଯୋଗ ଦେଇଥିବା ସେବାୟତମାନଙ୍କୁ ଏ ଯାଏ ଭତ୍ତା ମିଳିନାହିଁ ବୋଲି ଅଭିଯୋଗ ହୋଇଛି। ଏଥିପାଇଁ ସେମାନେ ମନ୍ଦିର ପ୍ରଶାସନଙ୍କୁ ଜଣାଇ ସାରିଛନ୍ତି। ଶୀଘ୍ର ଭତ୍ତା ପ୍ରଦାନ କରାଯିବ ବୋଲି ଆଶ୍ୱାସନା ମିଳିଛି। ଗତ ବର୍ଷ ମଧ୍ୟ ଏହିଭଳି ବିଳମ୍ବ ହୋଇଥିଲା ବୋଲି ସେମାନେ କହିଛନ୍ତି। ପ୍ରଶାସନ ପକ୍ଷରୁ ତଦନ୍ତ ଆରମ୍ଭ ହୋଇଛି।
